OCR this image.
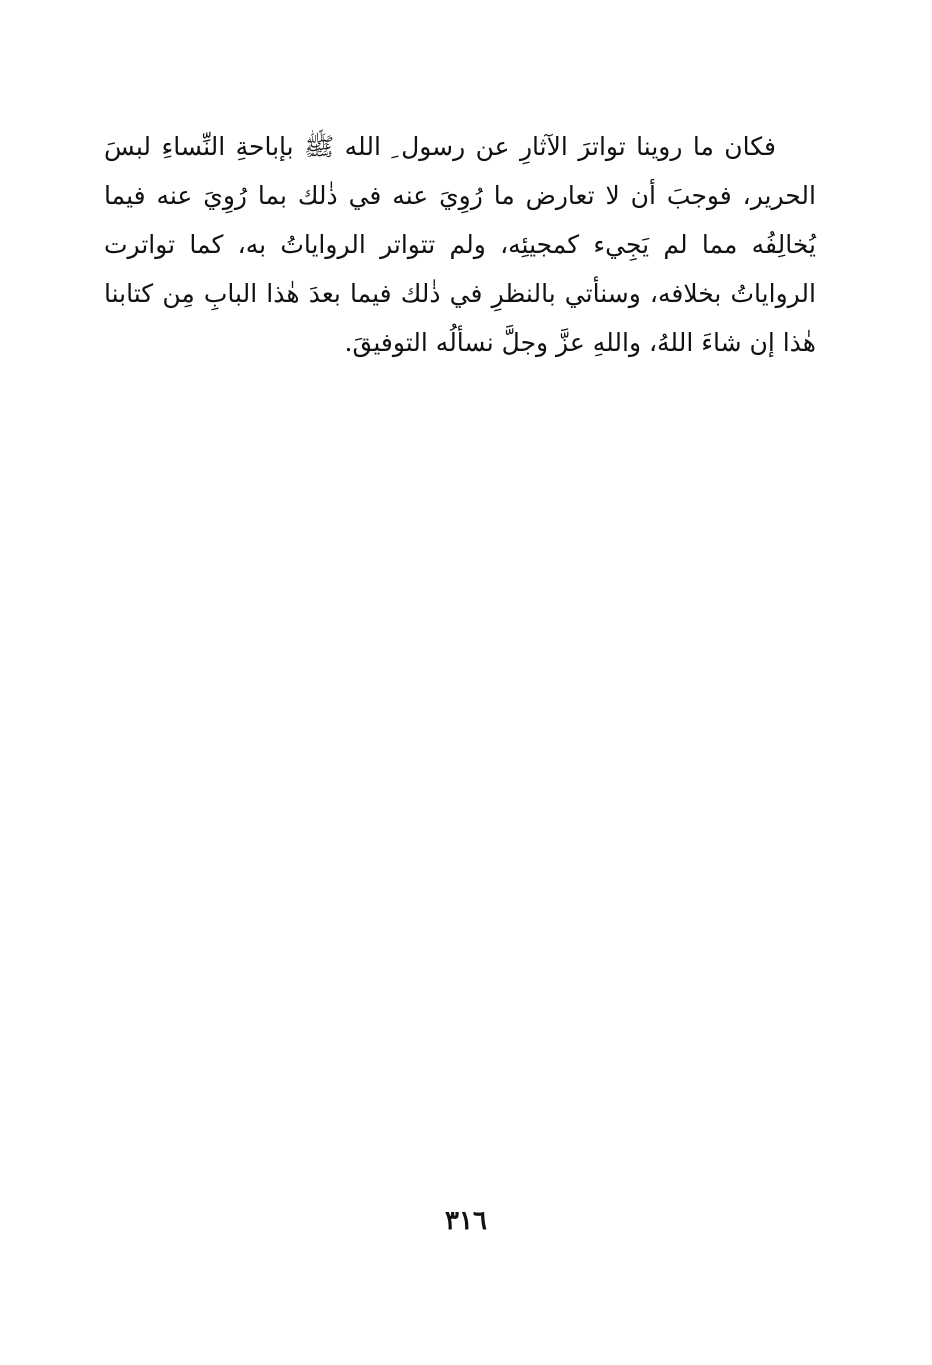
فكان ما روينا تواترَ الآثارِ عن رسول ِ الله ﷺ بإباحةِ النِّساءِ لبسَ
الحرير، فوجبَ أن لا تعارض ما رُوِيَ عنه في ذٰلك بما رُوِيَ عنه فيما
يُخالِفُه مما لم يَجِيء كمجيئِه، ولم تتواتر الرواياتُ به، كما تواترت
الرواياتُ بخلافه، وسنأتي بالنظرِ في ذٰلك فيما بعدَ هٰذا البابِ مِن كتابنا
هٰذا إن شاءَ اللهُ، واللهِ عزَّ وجلَّ نسألُه التوفيقَ.
٣١٦
